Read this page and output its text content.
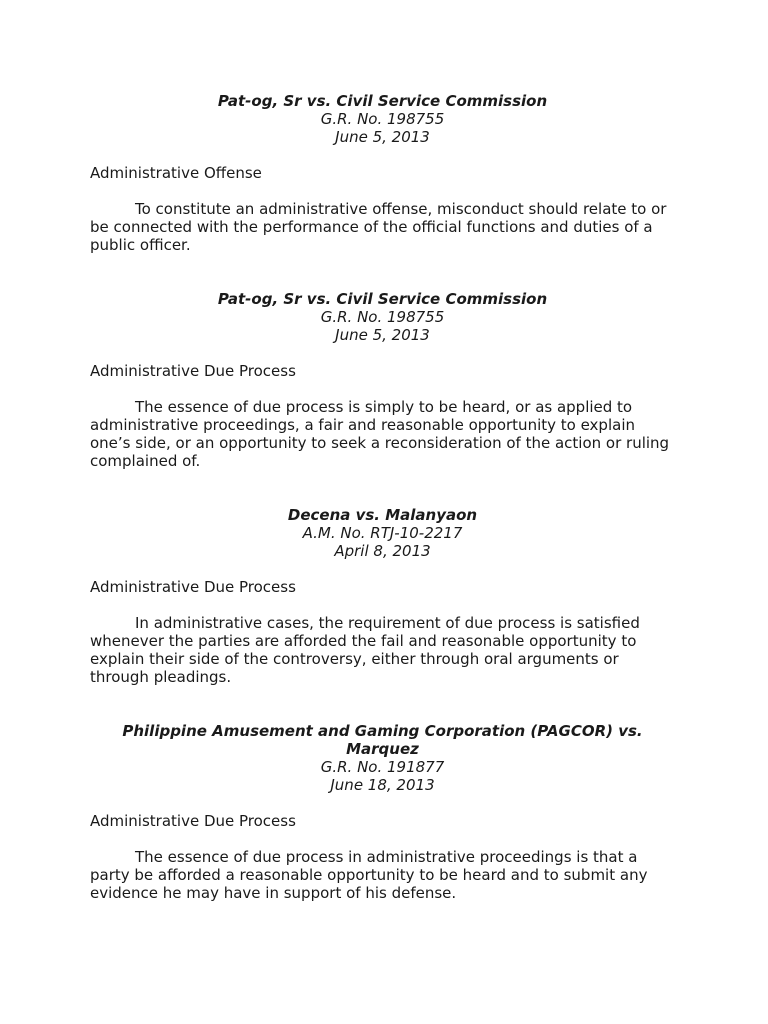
Pat-og, Sr vs. Civil Service Commission
G.R. No. 198755
June 5, 2013
Administrative Offense
To constitute an administrative offense, misconduct should relate to or be connected with the performance of the official functions and duties of a public officer.
Pat-og, Sr vs. Civil Service Commission
G.R. No. 198755
June 5, 2013
Administrative Due Process
The essence of due process is simply to be heard, or as applied to administrative proceedings, a fair and reasonable opportunity to explain one’s side, or an opportunity to seek a reconsideration of the action or ruling complained of.
Decena vs. Malanyaon
A.M. No. RTJ-10-2217
April 8, 2013
Administrative Due Process
In administrative cases, the requirement of due process is satisfied whenever the parties are afforded the fail and reasonable opportunity to explain their side of the controversy, either through oral arguments or through pleadings.
Philippine Amusement and Gaming Corporation (PAGCOR) vs. Marquez
G.R. No. 191877
June 18, 2013
Administrative Due Process
The essence of due process in administrative proceedings is that a party be afforded a reasonable opportunity to be heard and to submit any evidence he may have in support of his defense.
